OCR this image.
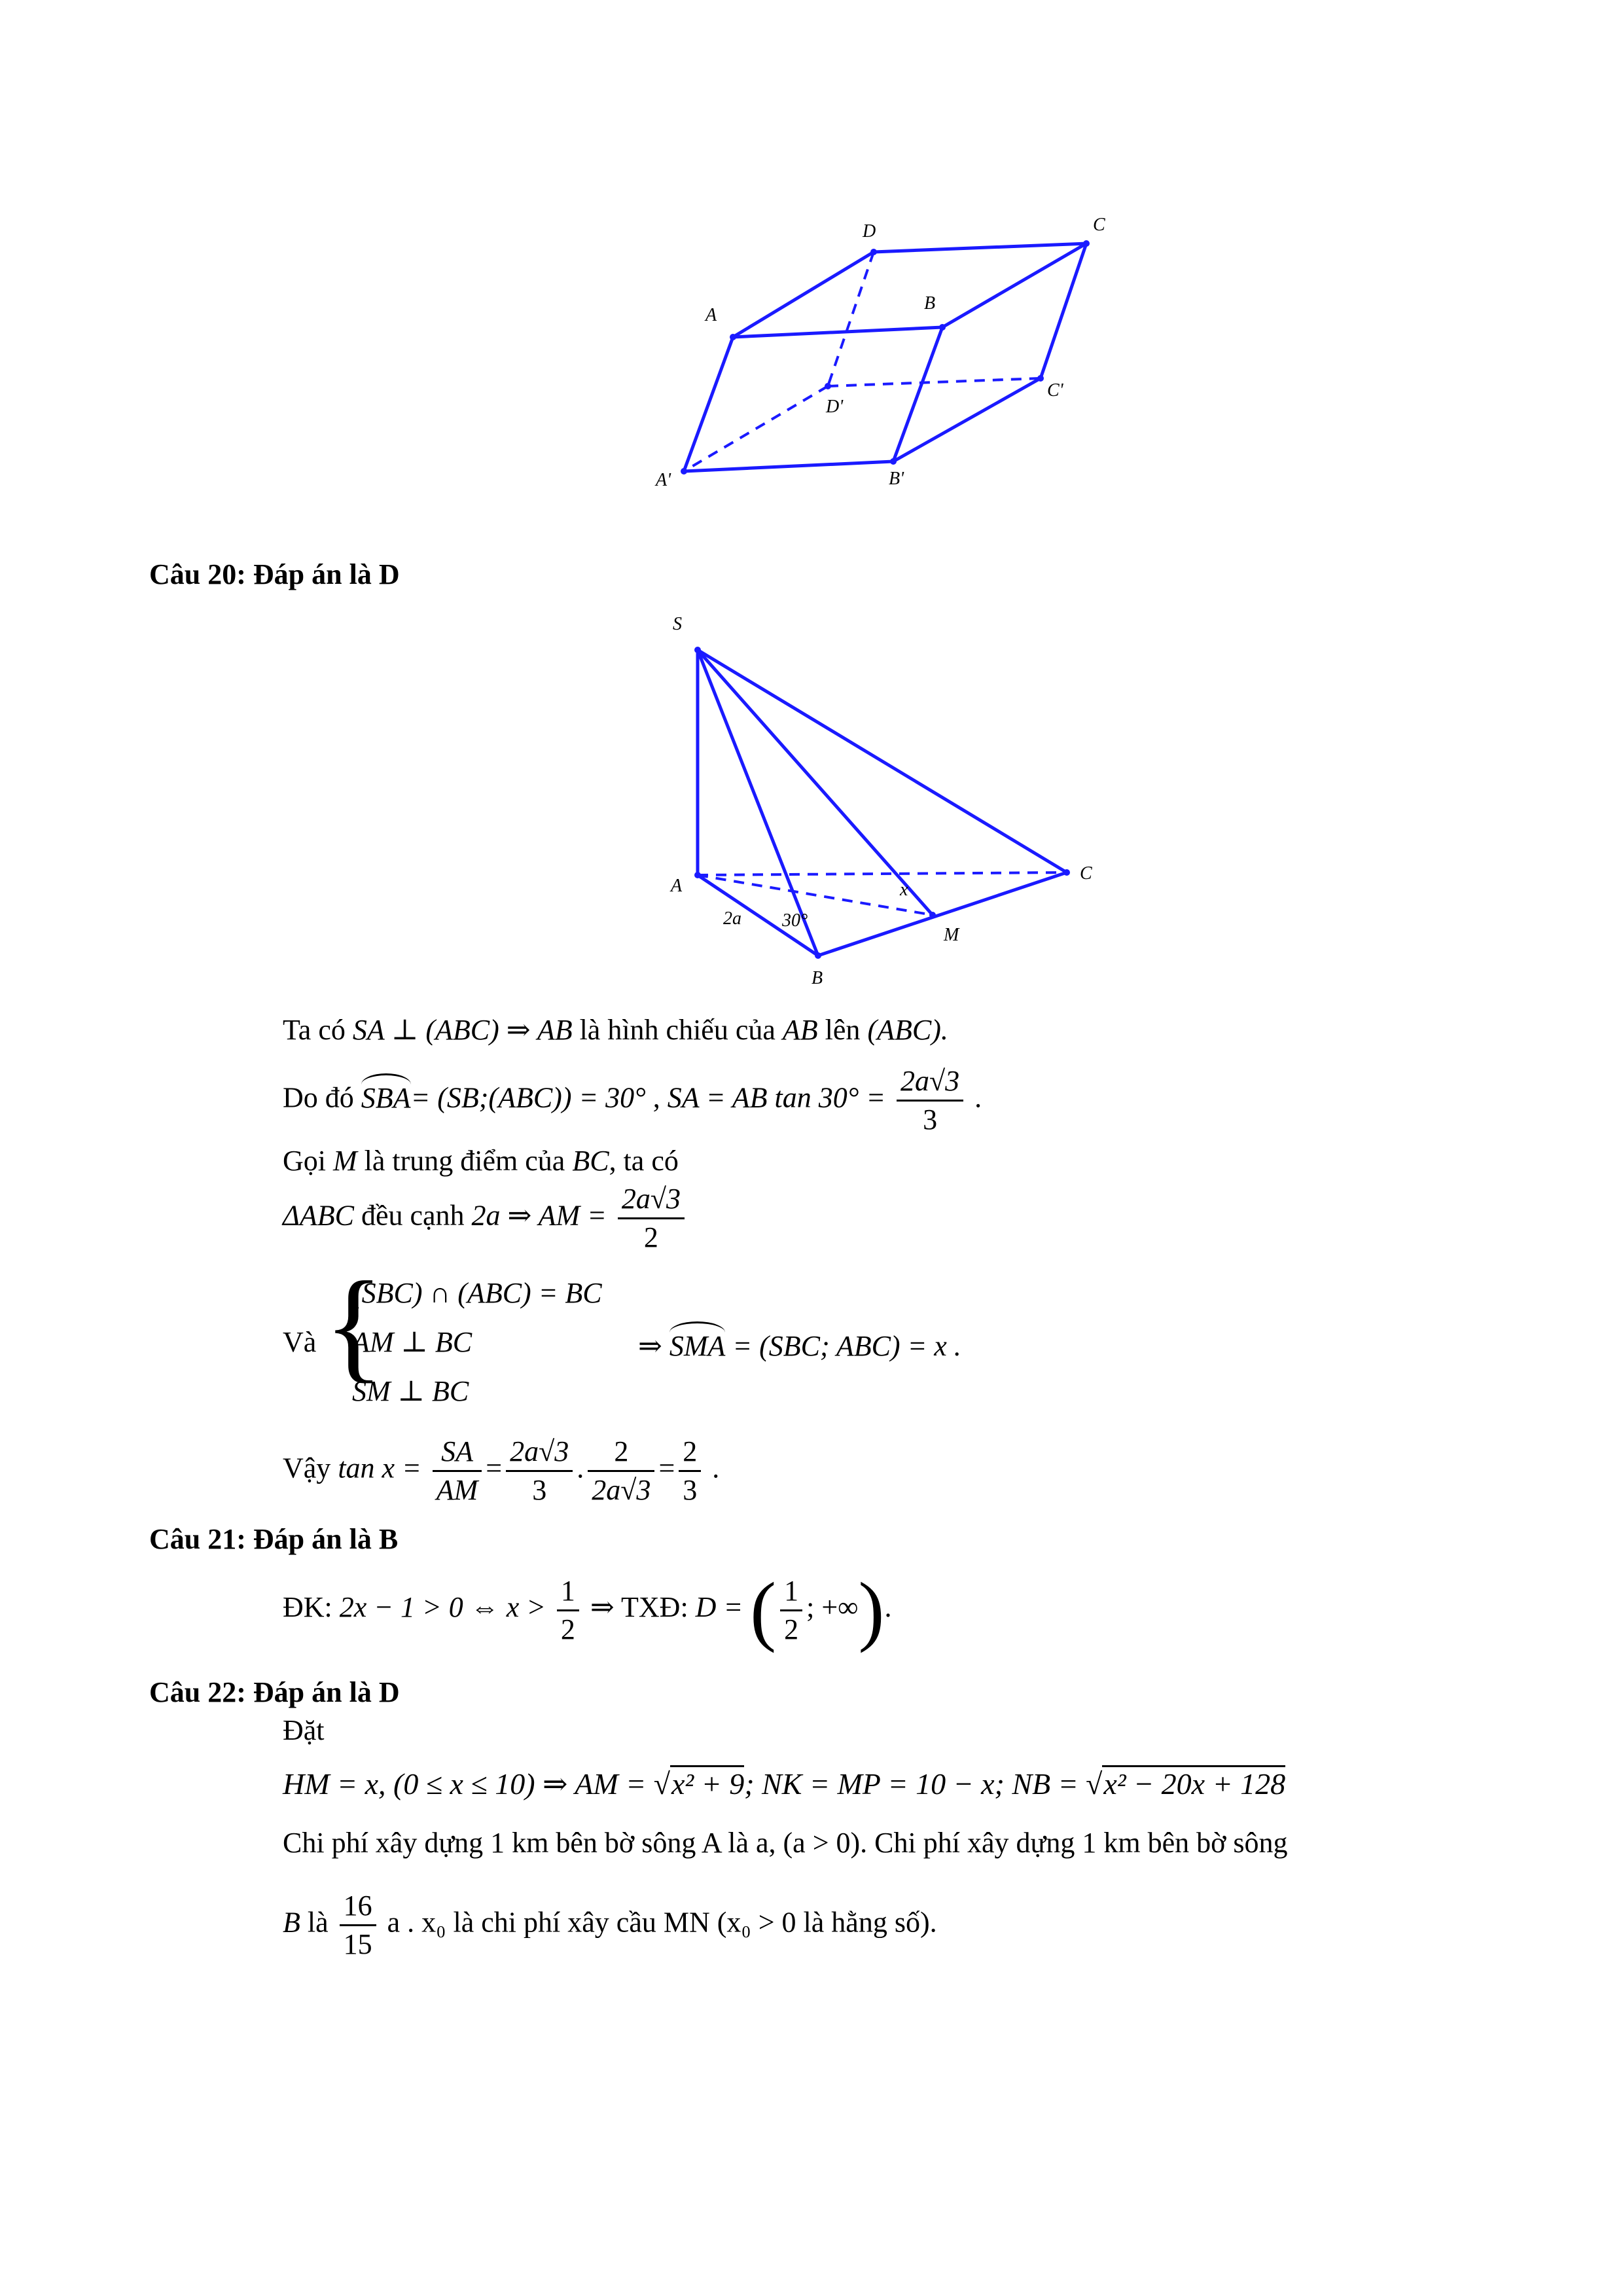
D	C
A
B
D'
C'
A'	B'
Câu 20: Đáp án là D
S
A
C
B
M
x
2a 30°
Ta có SA ⊥ (ABC) ⇒ AB là hình chiếu của AB lên (ABC).
Do đó SBA= (SB;(ABC)) = 30° , SA = AB $\tan 30^\circ = \frac{2a√3}{3}$ .
Gọi M là trung điểm của BC, ta có
ΔABC đều cạnh 2a ⇒ AM = $\frac{2a√3}{2}$
{
Và
(SBC) ∩ (ABC) = BC
AM ⊥ BC
SM ⊥ BC
⇒ SMA = (SBC; ABC) = x .
Vậy $\tan x = \frac{SA}{AM} = \frac{2a√3}{3}$ . $\frac{2}{2a√3} = \frac{2}{3}$ .
Câu 21: Đáp án là B
ĐK: 2x − 1 > 0 ⇔ $x > \frac{1}{2}$ ⇒ TXĐ: D = ( $\frac{1}{2}$ ; +∞).
Câu 22: Đáp án là D
Đặt
HM = x, (0 ≤ x ≤ 10) ⇒ AM = √x² + 9; NK = MP = 10 − x; NB = √x² − 20x + 128
Chi phí xây dựng 1 km bên bờ sông A là a, (a > 0). Chi phí xây dựng 1 km bên bờ sông
B là $\frac{16}{15}$ a . x₀ là chi phí xây cầu MN (x₀ > 0 là hằng số).
